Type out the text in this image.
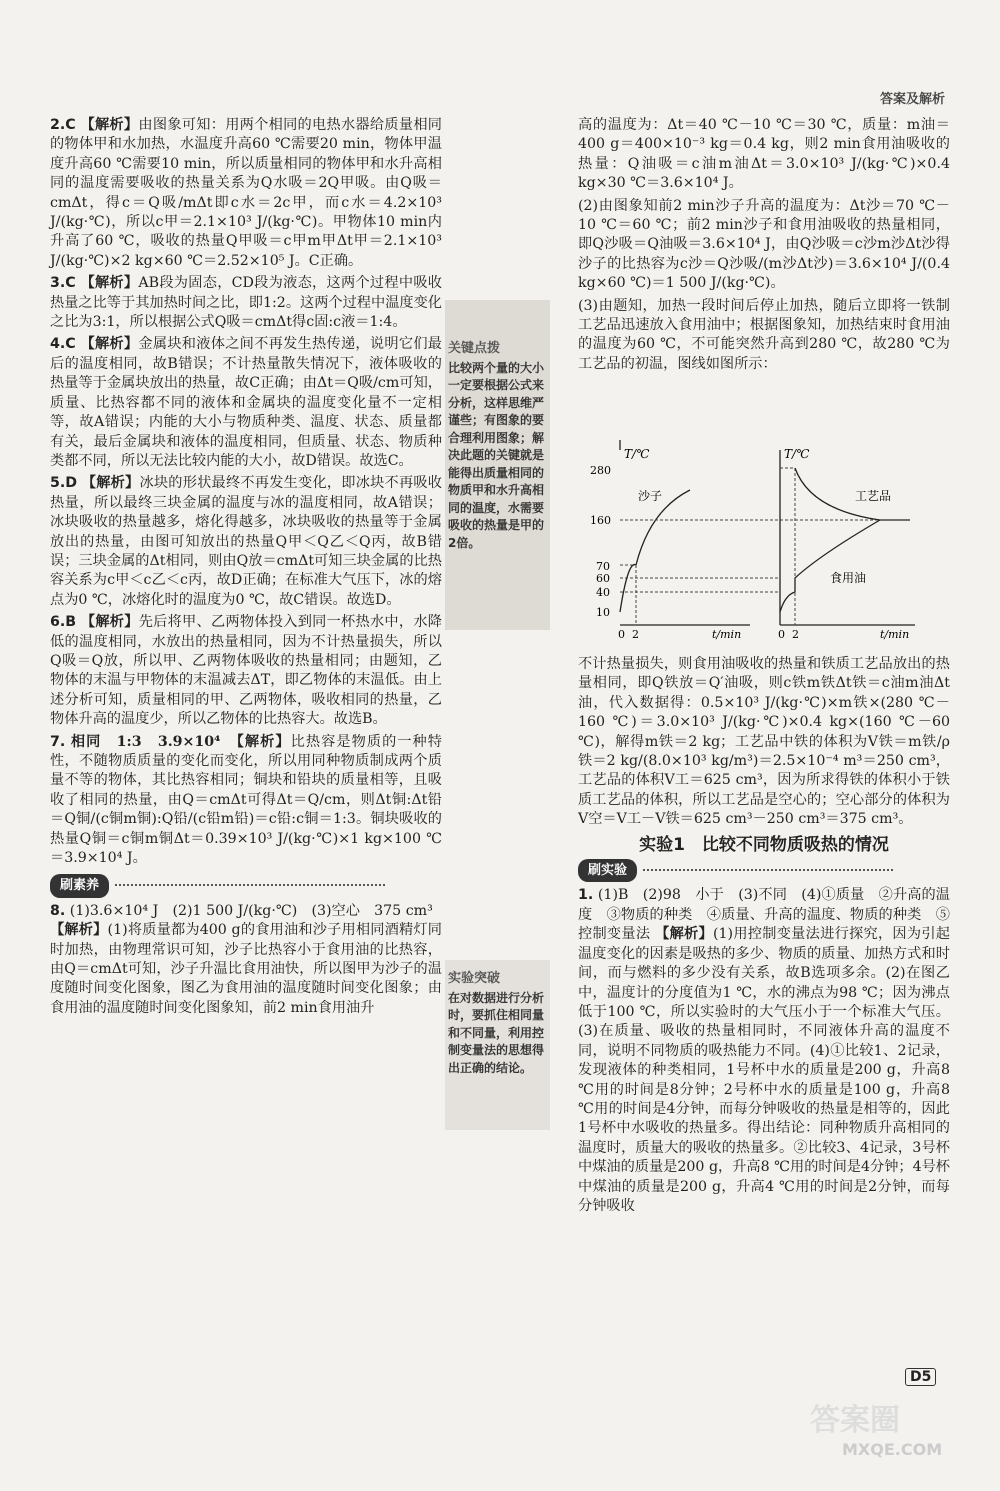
答案及解析
关键点拨
比较两个量的大小一定要根据公式来分析，这样思维严谨些；有图象的要合理利用图象；解决此题的关键就是能得出质量相同的物质甲和水升高相同的温度，水需要吸收的热量是甲的2倍。
实验突破
在对数据进行分析时，要抓住相同量和不同量，利用控制变量法的思想得出正确的结论。
2.C 【解析】由图象可知：用两个相同的电热水器给质量相同的物体甲和水加热，水温度升高60 ℃需要20 min，物体甲温度升高60 ℃需要10 min，所以质量相同的物体甲和水升高相同的温度需要吸收的热量关系为Q水吸＝2Q甲吸。由Q吸＝cmΔt，得c＝Q吸/mΔt即c水＝2c甲，而c水＝4.2×10³ J/(kg·℃)，所以c甲＝2.1×10³ J/(kg·℃)。甲物体10 min内升高了60 ℃，吸收的热量Q甲吸＝c甲m甲Δt甲＝2.1×10³ J/(kg·℃)×2 kg×60 ℃＝2.52×10⁵ J。C正确。
3.C 【解析】AB段为固态，CD段为液态，这两个过程中吸收热量之比等于其加热时间之比，即1:2。这两个过程中温度变化之比为3:1，所以根据公式Q吸＝cmΔt得c固:c液＝1:4。
4.C 【解析】金属块和液体之间不再发生热传递，说明它们最后的温度相同，故B错误；不计热量散失情况下，液体吸收的热量等于金属块放出的热量，故C正确；由Δt＝Q吸/cm可知，质量、比热容都不同的液体和金属块的温度变化量不一定相等，故A错误；内能的大小与物质种类、温度、状态、质量都有关，最后金属块和液体的温度相同，但质量、状态、物质种类都不同，所以无法比较内能的大小，故D错误。故选C。
5.D 【解析】冰块的形状最终不再发生变化，即冰块不再吸收热量，所以最终三块金属的温度与冰的温度相同，故A错误；冰块吸收的热量越多，熔化得越多，冰块吸收的热量等于金属放出的热量，由图可知放出的热量Q甲＜Q乙＜Q丙，故B错误；三块金属的Δt相同，则由Q放＝cmΔt可知三块金属的比热容关系为c甲＜c乙＜c丙，故D正确；在标准大气压下，冰的熔点为0 ℃，冰熔化时的温度为0 ℃，故C错误。故选D。
6.B 【解析】先后将甲、乙两物体投入到同一杯热水中，水降低的温度相同，水放出的热量相同，因为不计热量损失，所以Q吸＝Q放，所以甲、乙两物体吸收的热量相同；由题知，乙物体的末温与甲物体的末温减去ΔT，即乙物体的末温低。由上述分析可知，质量相同的甲、乙两物体，吸收相同的热量，乙物体升高的温度少，所以乙物体的比热容大。故选B。
7. 相同　1:3　3.9×10⁴　【解析】比热容是物质的一种特性，不随物质质量的变化而变化，所以用同种物质制成两个质量不等的物体，其比热容相同；铜块和铅块的质量相等，且吸收了相同的热量，由Q＝cmΔt可得Δt＝Q/cm，则Δt铜:Δt铅＝Q铜/(c铜m铜):Q铅/(c铅m铅)＝c铅:c铜＝1:3。铜块吸收的热量Q铜＝c铜m铜Δt＝0.39×10³ J/(kg·℃)×1 kg×100 ℃＝3.9×10⁴ J。
刷素养
8. (1)3.6×10⁴ J　(2)1 500 J/(kg·℃)　(3)空心　375 cm³
【解析】(1)将质量都为400 g的食用油和沙子用相同酒精灯同时加热，由物理常识可知，沙子比热容小于食用油的比热容，由Q＝cmΔt可知，沙子升温比食用油快，所以图甲为沙子的温度随时间变化图象，图乙为食用油的温度随时间变化图象；由食用油的温度随时间变化图象知，前2 min食用油升
高的温度为：Δt＝40 ℃－10 ℃＝30 ℃，质量：m油＝400 g＝400×10⁻³ kg＝0.4 kg，则2 min食用油吸收的热量：Q油吸＝c油m油Δt＝3.0×10³ J/(kg·℃)×0.4 kg×30 ℃＝3.6×10⁴ J。
(2)由图象知前2 min沙子升高的温度为：Δt沙＝70 ℃－10 ℃＝60 ℃；前2 min沙子和食用油吸收的热量相同，即Q沙吸＝Q油吸＝3.6×10⁴ J，由Q沙吸＝c沙m沙Δt沙得沙子的比热容为c沙＝Q沙吸/(m沙Δt沙)＝3.6×10⁴ J/(0.4 kg×60 ℃)＝1 500 J/(kg·℃)。
(3)由题知，加热一段时间后停止加热，随后立即将一铁制工艺品迅速放入食用油中；根据图象知，加热结束时食用油的温度为60 ℃，不可能突然升高到280 ℃，故280 ℃为工艺品的初温，图线如图所示：
T/℃
280
160
70
60
40
10
沙子
0 2	t/min
T/℃
工艺品
食用油
0 2	t/min
不计热量损失，则食用油吸收的热量和铁质工艺品放出的热量相同，即Q铁放＝Q′油吸，则c铁m铁Δt铁＝c油m油Δt油，代入数据得：0.5×10³ J/(kg·℃)×m铁×(280 ℃－160 ℃)＝3.0×10³ J/(kg·℃)×0.4 kg×(160 ℃－60 ℃)，解得m铁＝2 kg；工艺品中铁的体积为V铁＝m铁/ρ铁＝2 kg/(8.0×10³ kg/m³)＝2.5×10⁻⁴ m³＝250 cm³，工艺品的体积V工＝625 cm³，因为所求得铁的体积小于铁质工艺品的体积，所以工艺品是空心的；空心部分的体积为V空＝V工－V铁＝625 cm³－250 cm³＝375 cm³。
实验1　比较不同物质吸热的情况
刷实验
1. (1)B　(2)98　小于　(3)不同　(4)①质量　②升高的温度　③物质的种类　④质量、升高的温度、物质的种类　⑤控制变量法 【解析】(1)用控制变量法进行探究，因为引起温度变化的因素是吸热的多少、物质的质量、加热方式和时间，而与燃料的多少没有关系，故B选项多余。(2)在图乙中，温度计的分度值为1 ℃，水的沸点为98 ℃；因为沸点低于100 ℃，所以实验时的大气压小于一个标准大气压。(3)在质量、吸收的热量相同时，不同液体升高的温度不同，说明不同物质的吸热能力不同。(4)①比较1、2记录，发现液体的种类相同，1号杯中水的质量是200 g，升高8 ℃用的时间是8分钟；2号杯中水的质量是100 g，升高8 ℃用的时间是4分钟，而每分钟吸收的热量是相等的，因此1号杯中水吸收的热量多。得出结论：同种物质升高相同的温度时，质量大的吸收的热量多。②比较3、4记录，3号杯中煤油的质量是200 g，升高8 ℃用的时间是4分钟；4号杯中煤油的质量是200 g，升高4 ℃用的时间是2分钟，而每分钟吸收
D5
答案圈
MXQE.COM
